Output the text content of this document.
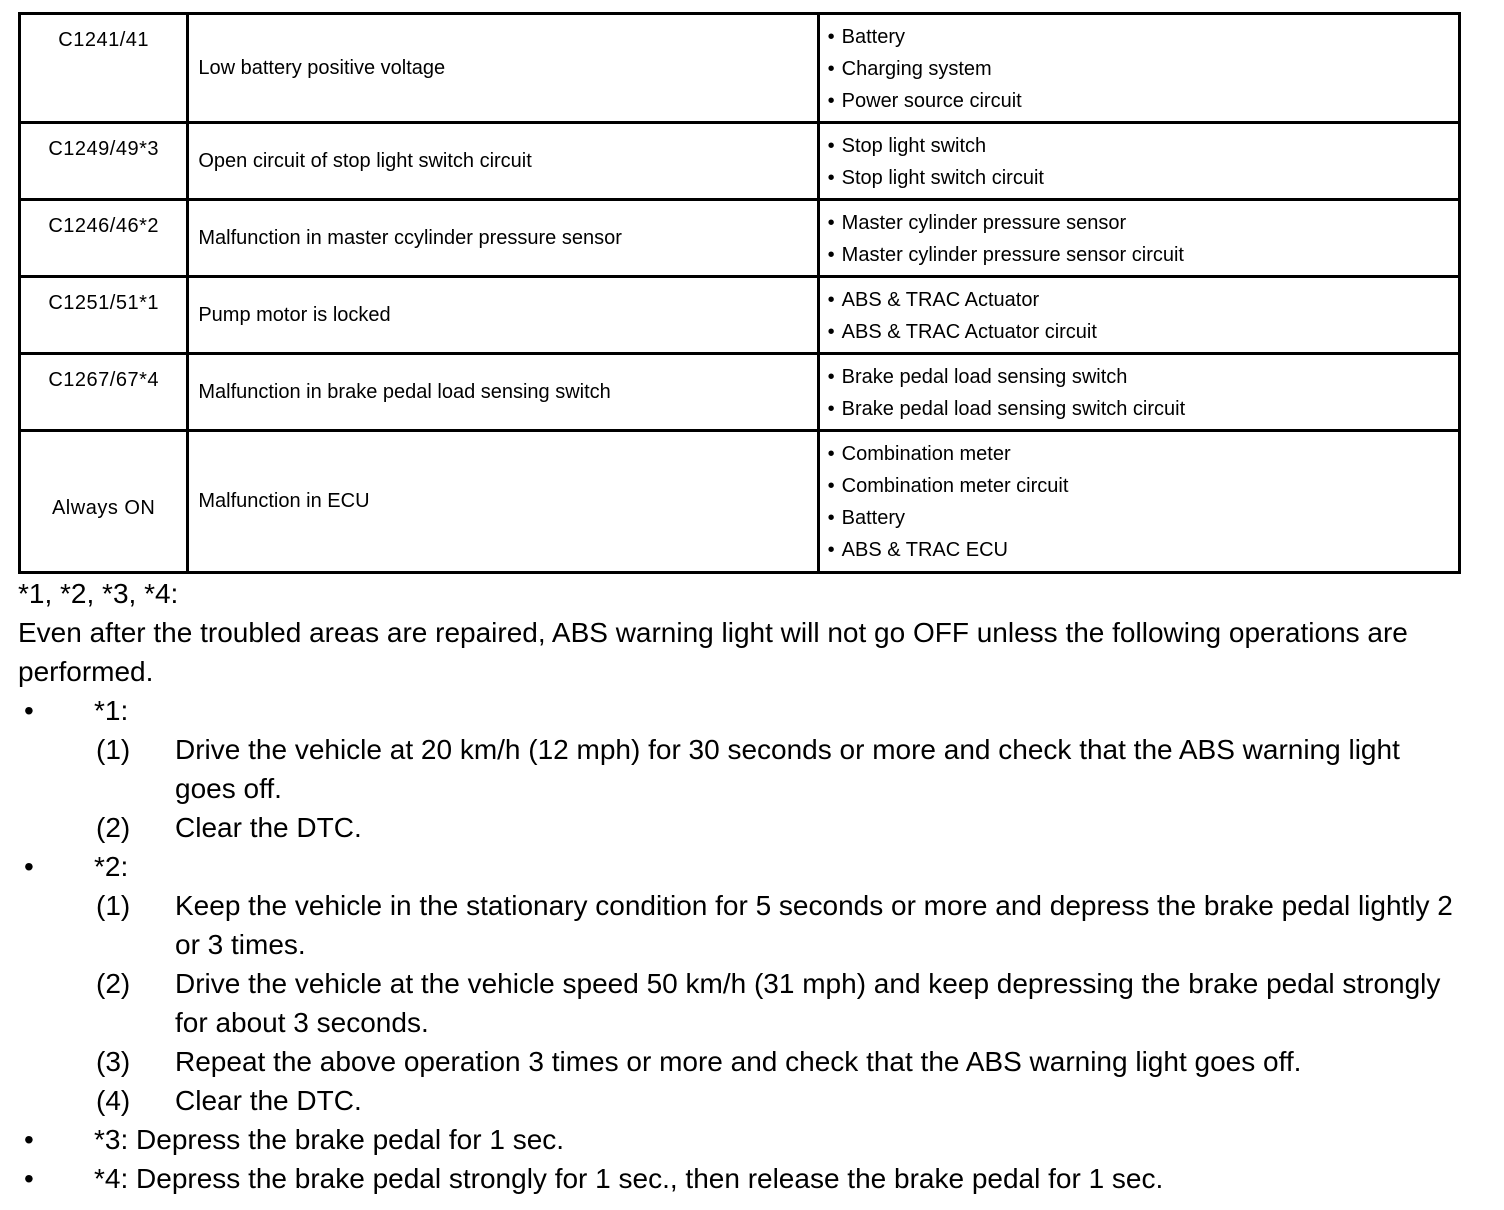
C1241/41	Low battery positive voltage	• Battery
• Charging system
• Power source circuit

C1249/49*3	Open circuit of stop light switch circuit	• Stop light switch
• Stop light switch circuit

C1246/46*2	Malfunction in master ccylinder pressure sensor	• Master cylinder pressure sensor
• Master cylinder pressure sensor circuit

C1251/51*1	Pump motor is locked	• ABS & TRAC Actuator
• ABS & TRAC Actuator circuit

C1267/67*4	Malfunction in brake pedal load sensing switch	• Brake pedal load sensing switch
• Brake pedal load sensing switch circuit

Always ON	Malfunction in ECU	• Combination meter
• Combination meter circuit
• Battery
• ABS & TRAC ECU

*1, *2, *3, *4:

Even after the troubled areas are repaired, ABS warning light will not go OFF unless the following operations are performed.

•	*1:
(1) Drive the vehicle at 20 km/h (12 mph) for 30 seconds or more and check that the ABS warning light goes off.
(2) Clear the DTC.
•	*2:
(1) Keep the vehicle in the stationary condition for 5 seconds or more and depress the brake pedal lightly 2 or 3 times.
(2) Drive the vehicle at the vehicle speed 50 km/h (31 mph) and keep depressing the brake pedal strongly for about 3 seconds.
(3) Repeat the above operation 3 times or more and check that the ABS warning light goes off.
(4) Clear the DTC.
•	*3: Depress the brake pedal for 1 sec.
•	*4: Depress the brake pedal strongly for 1 sec., then release the brake pedal for 1 sec.
